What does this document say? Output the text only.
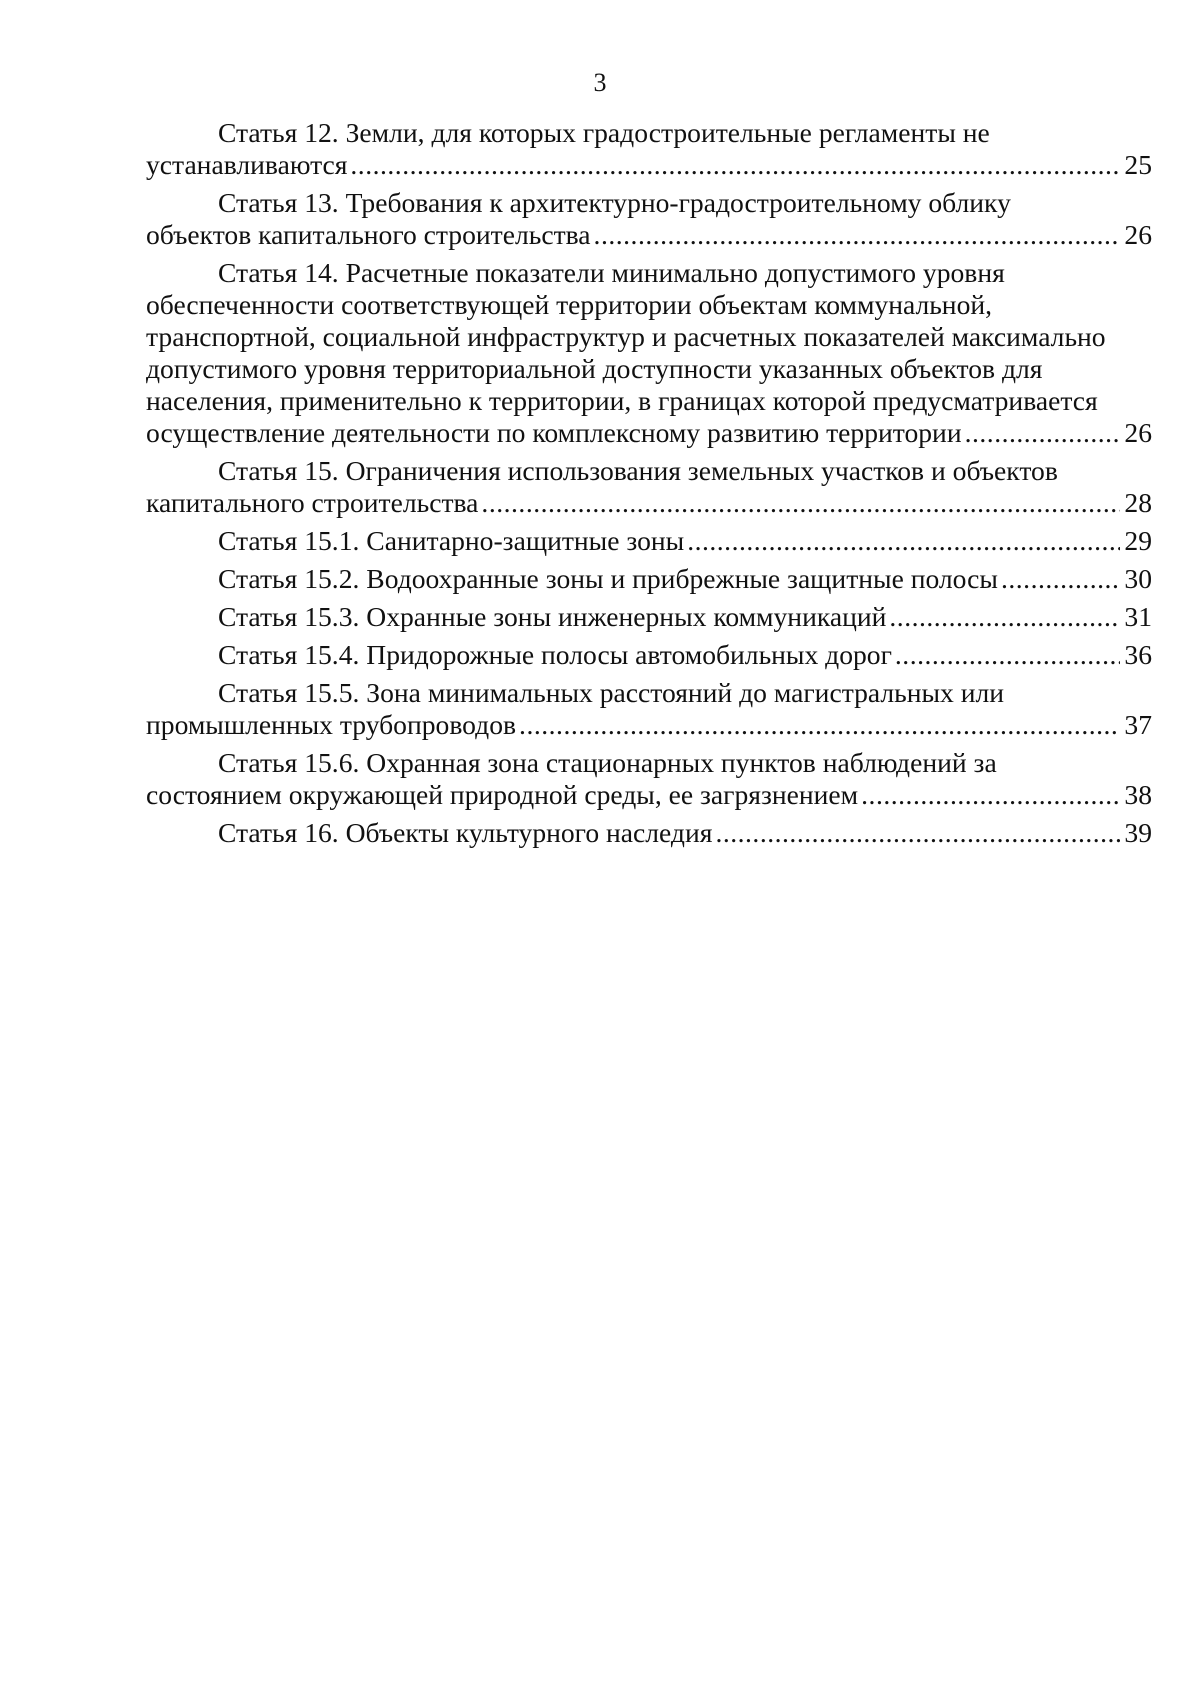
3
Статья 12. Земли, для которых градостроительные регламенты не
устанавливаются .....	25
Статья 13. Требования к архитектурно-градостроительному облику
объектов капитального строительства .....	26
Статья 14. Расчетные показатели минимально допустимого уровня
обеспеченности соответствующей территории объектам коммунальной,
транспортной, социальной инфраструктур и расчетных показателей максимально
допустимого уровня территориальной доступности указанных объектов для
населения, применительно к территории, в границах которой предусматривается
осуществление деятельности по комплексному развитию территории .....	26
Статья 15. Ограничения использования земельных участков и объектов
капитального строительства .....	28
Статья 15.1. Санитарно-защитные зоны .....	29
Статья 15.2. Водоохранные зоны и прибрежные защитные полосы .....	30
Статья 15.3. Охранные зоны инженерных коммуникаций .....	31
Статья 15.4. Придорожные полосы автомобильных дорог .....	36
Статья 15.5. Зона минимальных расстояний до магистральных или
промышленных трубопроводов .....	37
Статья 15.6. Охранная зона стационарных пунктов наблюдений за
состоянием окружающей природной среды, ее загрязнением .....	38
Статья 16. Объекты культурного наследия .....	39
